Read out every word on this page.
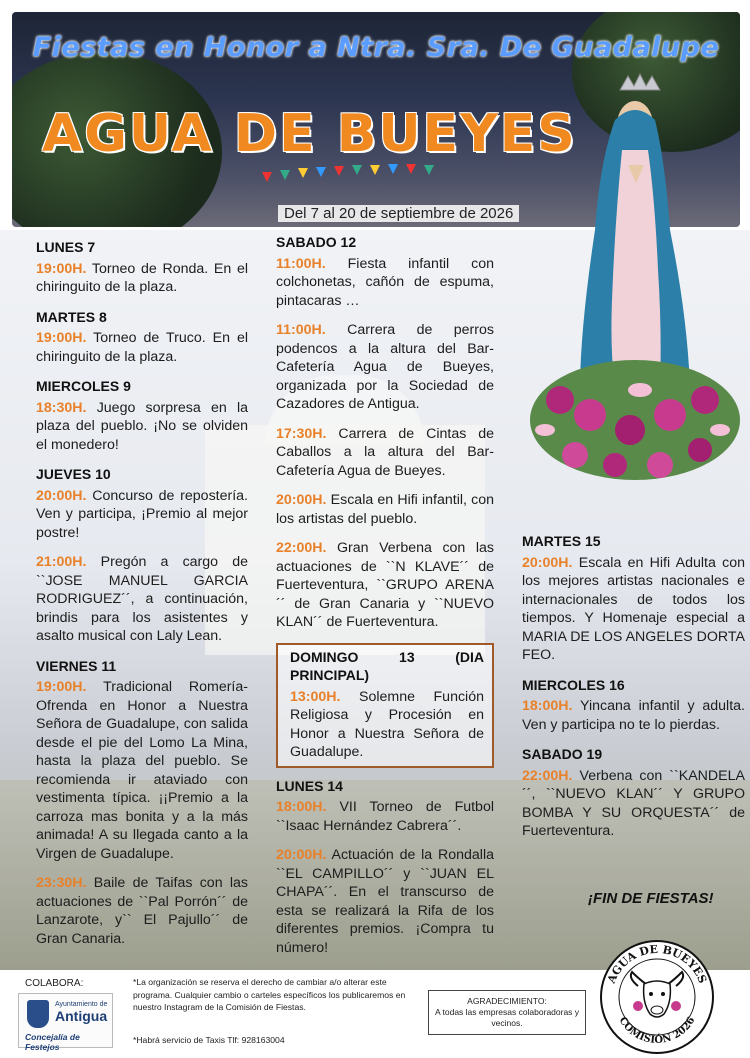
Fiestas en Honor a Ntra. Sra. De Guadalupe
AGUA DE BUEYES
Del 7 al 20 de septiembre de 2026
LUNES 7
19:00H. Torneo de Ronda. En el chiringuito de la plaza.
MARTES 8
19:00H. Torneo de Truco. En el chiringuito de la plaza.
MIERCOLES 9
18:30H. Juego sorpresa en la plaza del pueblo. ¡No se olviden el monedero!
JUEVES 10
20:00H. Concurso de repostería. Ven y participa, ¡Premio al mejor postre!
21:00H. Pregón a cargo de ``JOSE MANUEL GARCIA RODRIGUEZ´´, a continuación, brindis para los asistentes y asalto musical con Laly Lean.
VIERNES 11
19:00H. Tradicional Romería-Ofrenda en Honor a Nuestra Señora de Guadalupe, con salida desde el pie del Lomo La Mina, hasta la plaza del pueblo. Se recomienda ir ataviado con vestimenta típica. ¡¡Premio a la carroza mas bonita y a la más animada! A su llegada canto a la Virgen de Guadalupe.
23:30H. Baile de Taifas con las actuaciones de ``Pal Porrón´´ de Lanzarote, y`` El Pajullo´´ de Gran Canaria.
SABADO 12
11:00H. Fiesta infantil con colchonetas, cañón de espuma, pintacaras …
11:00H. Carrera de perros podencos a la altura del Bar-Cafetería Agua de Bueyes, organizada por la Sociedad de Cazadores de Antigua.
17:30H. Carrera de Cintas de Caballos a la altura del Bar-Cafetería Agua de Bueyes.
20:00H. Escala en Hifi infantil, con los artistas del pueblo.
22:00H. Gran Verbena con las actuaciones de ``N KLAVE´´ de Fuerteventura, ``GRUPO ARENA´´ de Gran Canaria y ``NUEVO KLAN´´ de Fuerteventura.
DOMINGO 13 (DIA PRINCIPAL)
13:00H. Solemne Función Religiosa y Procesión en Honor a Nuestra Señora de Guadalupe.
LUNES 14
18:00H. VII Torneo de Futbol ``Isaac Hernández Cabrera´´.
20:00H. Actuación de la Rondalla ``EL CAMPILLO´´ y ``JUAN EL CHAPA´´. En el transcurso de esta se realizará la Rifa de los diferentes premios. ¡Compra tu número!
MARTES 15
20:00H. Escala en Hifi Adulta con los mejores artistas nacionales e internacionales de todos los tiempos. Y Homenaje especial a MARIA DE LOS ANGELES DORTA FEO.
MIERCOLES 16
18:00H. Yincana infantil y adulta. Ven y participa no te lo pierdas.
SABADO 19
22:00H. Verbena con ``KANDELA´´, ``NUEVO KLAN´´ Y GRUPO BOMBA Y SU ORQUESTA´´ de Fuerteventura.
¡FIN DE FIESTAS!
COLABORA:
Ayuntamiento de
Antigua
Concejalía de Festejos
*La organización se reserva el derecho de cambiar a/o alterar este programa. Cualquier cambio o carteles específicos los publicaremos en nuestro Instagram de la Comisión de Fiestas.
*Habrá servicio de Taxis Tlf: 928163004
AGRADECIMIENTO:
A todas las empresas colaboradoras y vecinos.
AGUA DE BUEYES
COMISIÓN 2026
